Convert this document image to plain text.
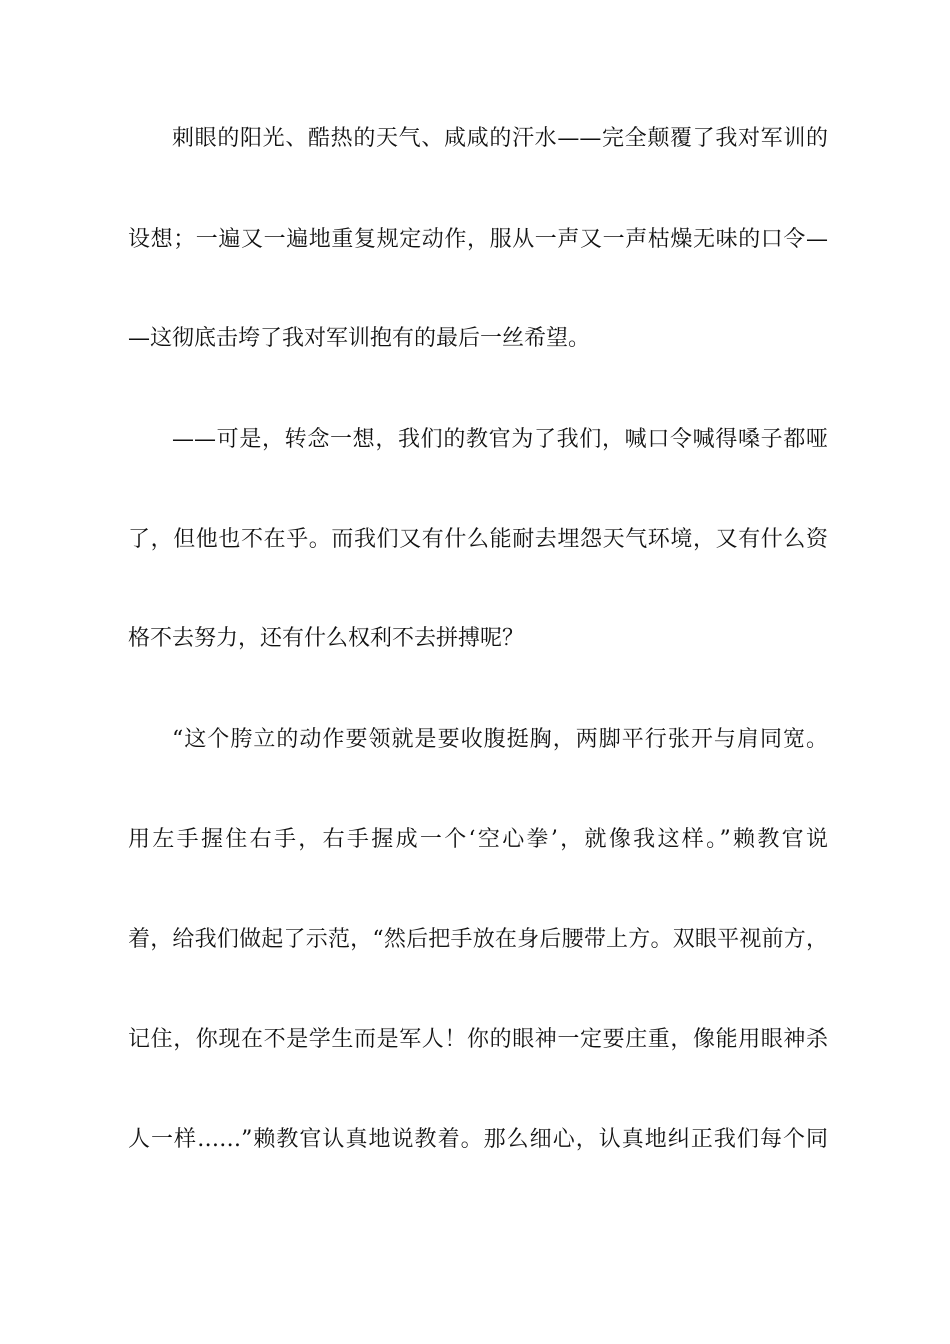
刺眼的阳光、酷热的天气、咸咸的汗水——完全颠覆了我对军训的
设想；一遍又一遍地重复规定动作，服从一声又一声枯燥无味的口令—
—这彻底击垮了我对军训抱有的最后一丝希望。
——可是，转念一想，我们的教官为了我们，喊口令喊得嗓子都哑
了，但他也不在乎。而我们又有什么能耐去埋怨天气环境，又有什么资
格不去努力，还有什么权利不去拼搏呢？
“这个胯立的动作要领就是要收腹挺胸，两脚平行张开与肩同宽。
用左手握住右手，右手握成一个‘空心拳’，就像我这样。”赖教官说
着，给我们做起了示范，“然后把手放在身后腰带上方。双眼平视前方，
记住，你现在不是学生而是军人！你的眼神一定要庄重，像能用眼神杀
人一样……”赖教官认真地说教着。那么细心，认真地纠正我们每个同
